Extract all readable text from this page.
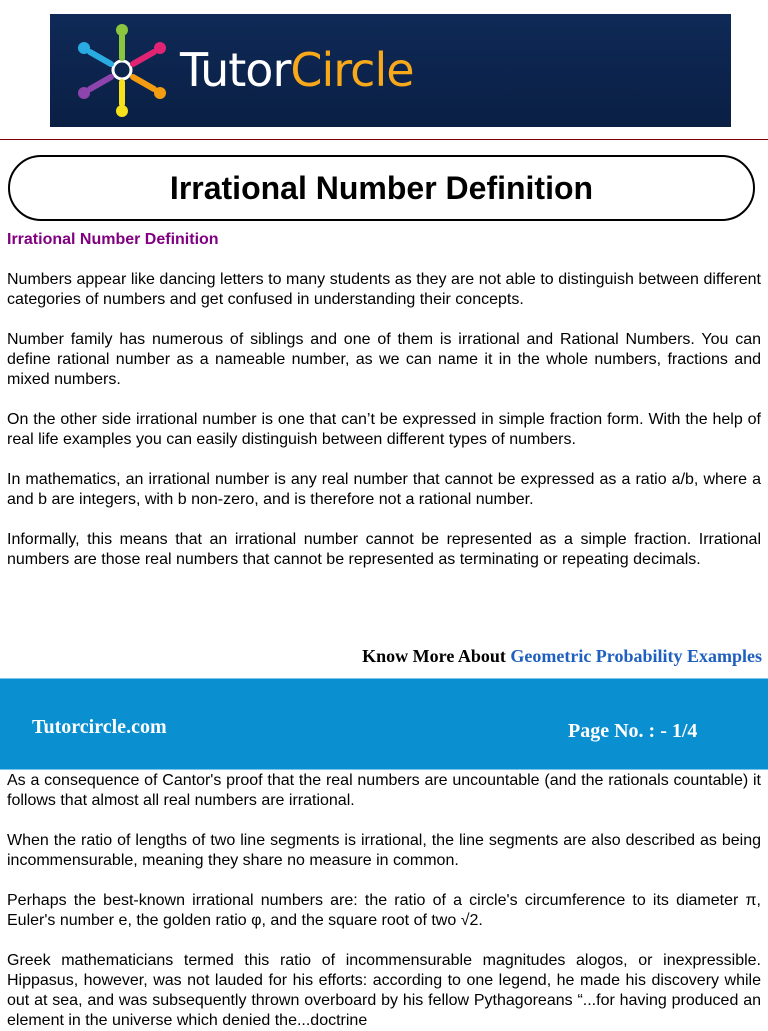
TutorCircle
Irrational Number Definition

Irrational Number Definition

Numbers appear like dancing letters to many students as they are not able to distinguish between different categories of numbers and get confused in understanding their concepts.

Number family has numerous of siblings and one of them is irrational and Rational Numbers. You can define rational number as a nameable number, as we can name it in the whole numbers, fractions and mixed numbers.

On the other side irrational number is one that can’t be expressed in simple fraction form. With the help of real life examples you can easily distinguish between different types of numbers.

In mathematics, an irrational number is any real number that cannot be expressed as a ratio a/b, where a and b are integers, with b non-zero, and is therefore not a rational number.

Informally, this means that an irrational number cannot be represented as a simple fraction. Irrational numbers are those real numbers that cannot be represented as terminating or repeating decimals.

Know More About Geometric Probability Examples
Tutorcircle.com	Page No. : - 1/4

As a consequence of Cantor's proof that the real numbers are uncountable (and the rationals countable) it follows that almost all real numbers are irrational.

When the ratio of lengths of two line segments is irrational, the line segments are also described as being incommensurable, meaning they share no measure in common.

Perhaps the best-known irrational numbers are: the ratio of a circle's circumference to its diameter π, Euler's number e, the golden ratio φ, and the square root of two √2.

Greek mathematicians termed this ratio of incommensurable magnitudes alogos, or inexpressible. Hippasus, however, was not lauded for his efforts: according to one legend, he made his discovery while out at sea, and was subsequently thrown overboard by his fellow Pythagoreans “...for having produced an element in the universe which denied the...doctrine
